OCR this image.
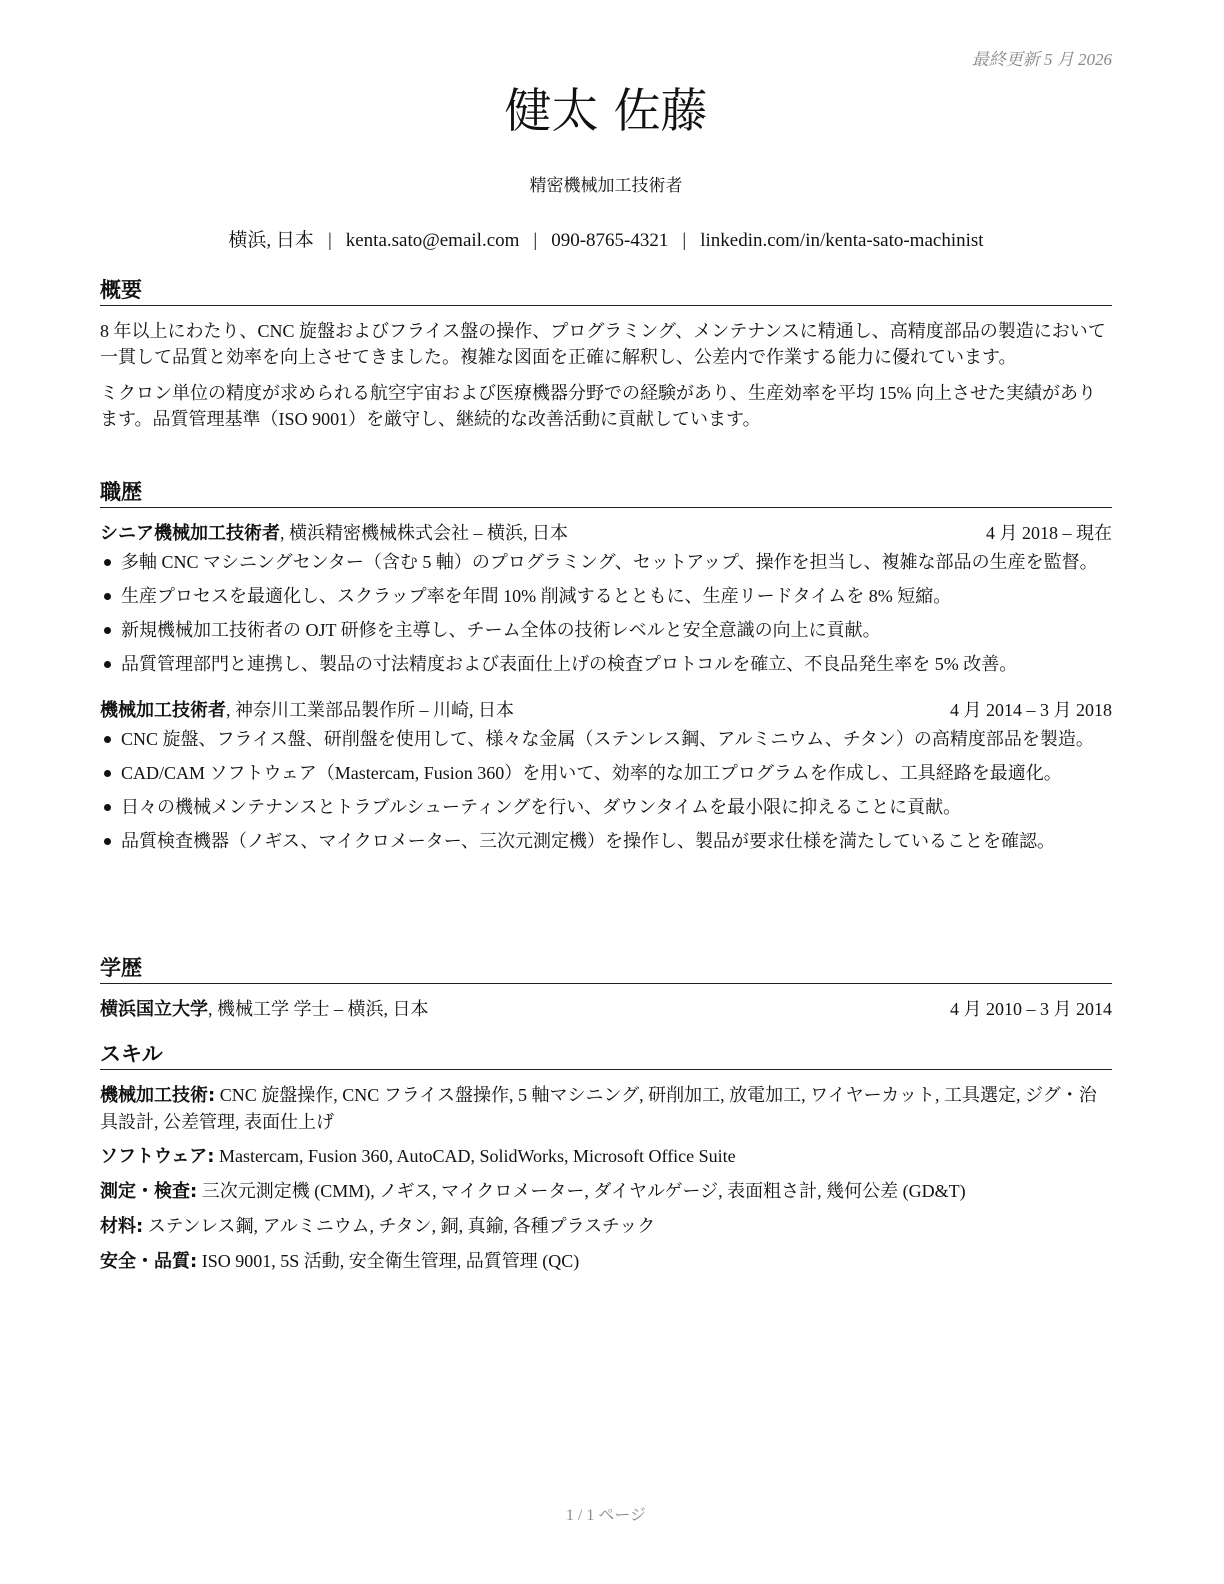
最終更新 5 月 2026
健太 佐藤
精密機械加工技術者
横浜, 日本 | kenta.sato@email.com | 090-8765-4321 | linkedin.com/in/kenta-sato-machinist
概要

8 年以上にわたり、CNC 旋盤およびフライス盤の操作、プログラミング、メンテナンスに精通し、高精度部品の製造において一貫して品質と効率を向上させてきました。複雑な図面を正確に解釈し、公差内で作業する能力に優れています。

ミクロン単位の精度が求められる航空宇宙および医療機器分野での経験があり、生産効率を平均 15% 向上させた実績があります。品質管理基準（ISO 9001）を厳守し、継続的な改善活動に貢献しています。

職歴
シニア機械加工技術者, 横浜精密機械株式会社 – 横浜, 日本	4 月 2018 – 現在
多軸 CNC マシニングセンター（含む 5 軸）のプログラミング、セットアップ、操作を担当し、複雑な部品の生産を監督。
生産プロセスを最適化し、スクラップ率を年間 10% 削減するとともに、生産リードタイムを 8% 短縮。
新規機械加工技術者の OJT 研修を主導し、チーム全体の技術レベルと安全意識の向上に貢献。
品質管理部門と連携し、製品の寸法精度および表面仕上げの検査プロトコルを確立、不良品発生率を 5% 改善。
機械加工技術者, 神奈川工業部品製作所 – 川崎, 日本	4 月 2014 – 3 月 2018
CNC 旋盤、フライス盤、研削盤を使用して、様々な金属（ステンレス鋼、アルミニウム、チタン）の高精度部品を製造。
CAD/CAM ソフトウェア（Mastercam, Fusion 360）を用いて、効率的な加工プログラムを作成し、工具経路を最適化。
日々の機械メンテナンスとトラブルシューティングを行い、ダウンタイムを最小限に抑えることに貢献。
品質検査機器（ノギス、マイクロメーター、三次元測定機）を操作し、製品が要求仕様を満たしていることを確認。
学歴
横浜国立大学, 機械工学 学士 – 横浜, 日本	4 月 2010 – 3 月 2014
スキル

機械加工技術: CNC 旋盤操作, CNC フライス盤操作, 5 軸マシニング, 研削加工, 放電加工, ワイヤーカット, 工具選定, ジグ・治具設計, 公差管理, 表面仕上げ

ソフトウェア: Mastercam, Fusion 360, AutoCAD, SolidWorks, Microsoft Office Suite

測定・検査: 三次元測定機 (CMM), ノギス, マイクロメーター, ダイヤルゲージ, 表面粗さ計, 幾何公差 (GD&T)

材料: ステンレス鋼, アルミニウム, チタン, 銅, 真鍮, 各種プラスチック

安全・品質: ISO 9001, 5S 活動, 安全衛生管理, 品質管理 (QC)

1 / 1 ページ
